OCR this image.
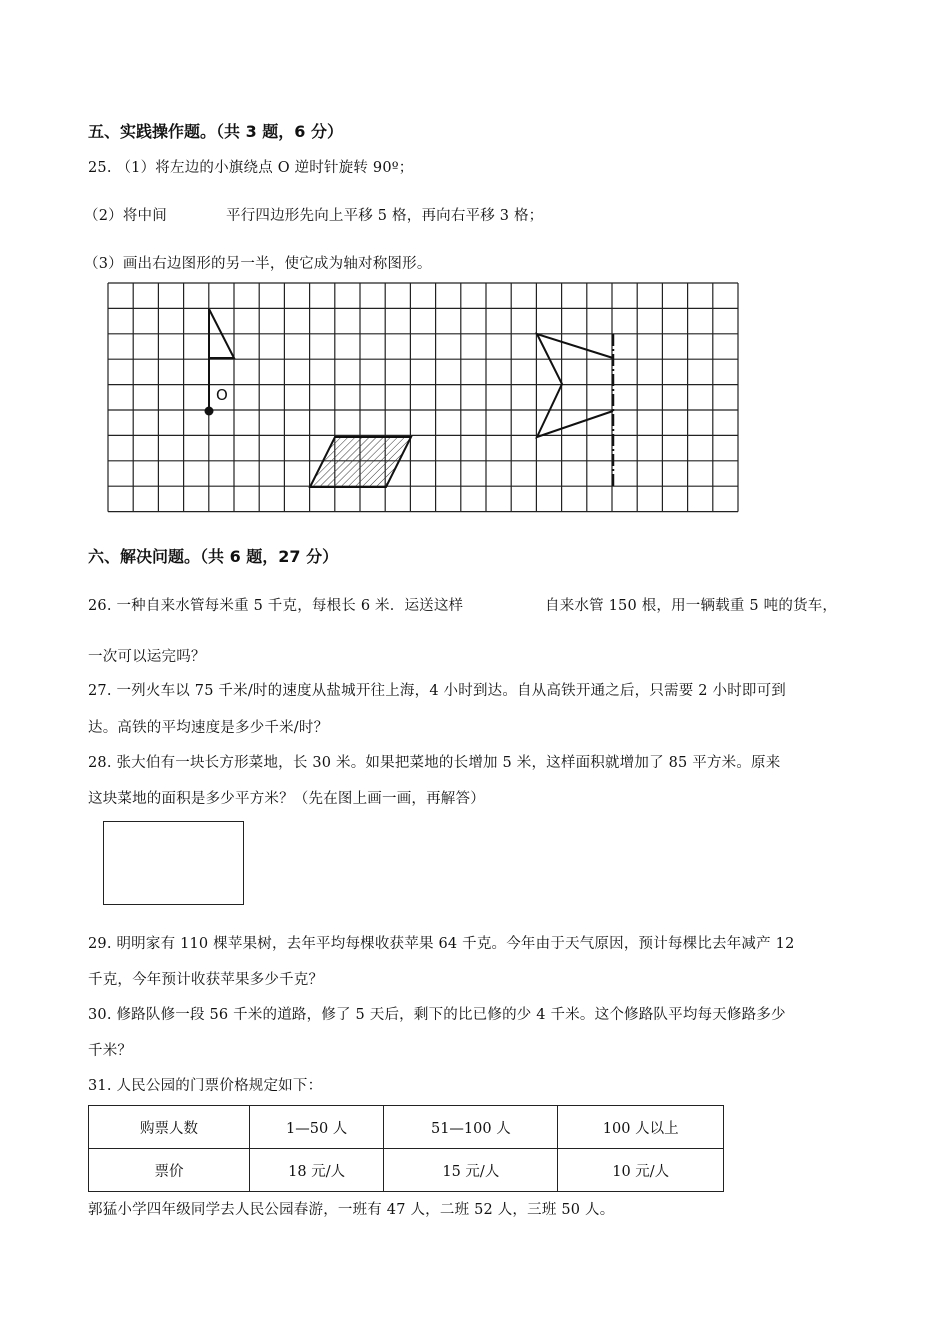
五、实践操作题。（共 3 题，6 分）
25. （1）将左边的小旗绕点 O 逆时针旋转 90º；
（2）将中间	平行四边形先向上平移 5 格，再向右平移 3 格；
（3）画出右边图形的另一半，使它成为轴对称图形。
O
六、解决问题。（共 6 题，27 分）
26. 一种自来水管每米重 5 千克，每根长 6 米．运送这样	自来水管 150 根，用一辆载重 5 吨的货车，
一次可以运完吗？
27. 一列火车以 75 千米/时的速度从盐城开往上海，4 小时到达。自从高铁开通之后，只需要 2 小时即可到
达。高铁的平均速度是多少千米/时？
28. 张大伯有一块长方形菜地，长 30 米。如果把菜地的长增加 5 米，这样面积就增加了 85 平方米。原来
这块菜地的面积是多少平方米？（先在图上画一画，再解答）
29. 明明家有 110 棵苹果树，去年平均每棵收获苹果 64 千克。今年由于天气原因，预计每棵比去年减产 12
千克，今年预计收获苹果多少千克？
30. 修路队修一段 56 千米的道路，修了 5 天后，剩下的比已修的少 4 千米。这个修路队平均每天修路多少
千米？
31. 人民公园的门票价格规定如下：
购票人数	1—50 人	51—100 人	100 人以上
票价	18 元/人	15 元/人	10 元/人
郭猛小学四年级同学去人民公园春游，一班有 47 人，二班 52 人，三班 50 人。
